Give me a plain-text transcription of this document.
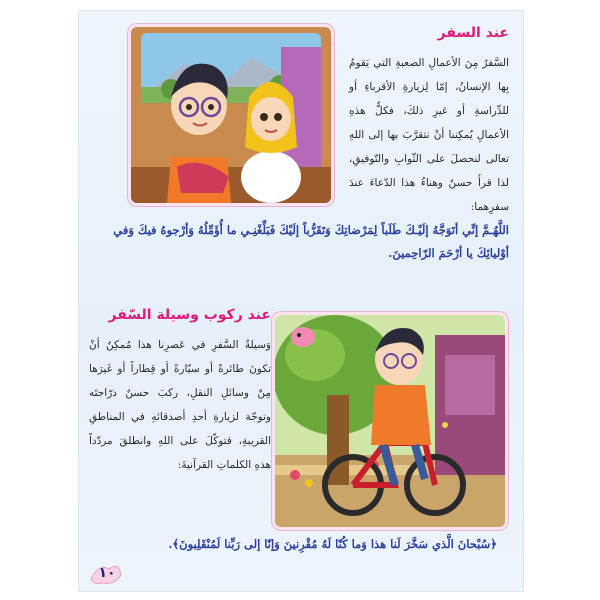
عند السفر

السَّفرُ مِنَ الأعمالِ الصعبةِ التي يَقومُ بِها الإنسانُ، إمّا لِزيارةِ الأقرباءِ أو للدِّراسةِ أو غيرِ ذلكَ، فكلُّ هذهِ الأعمالِ يُمكِننا أنْ نتقرَّبَ بها إلى اللهِ تعالى لنحصلَ على الثّوابِ والتّوفيقِ، لذا قرأَ حسنٌ وهناءُ هذا الدّعاءَ عندَ سفرِهما:

اللَّهُـمَّ إنِّي أتَوَجَّهُ إلَيْـكَ طَلَباً لِمَرْضاتِكَ وَتَقَرُّباً إلَيْكَ فَبَلِّغْنِـي ما أُؤَمِّلُهُ وَأرْجوهُ فيكَ وَفي أوْليائِكَ يا أرْحَمَ الرّاحِمينَ.

عند ركوب وسيلة السّفر

وَسيلةُ السَّفرِ في عَصرِنا هذا مُمكِنٌ أنْ تكونَ طائرةً أو سيّارةً أو قِطاراً أو غَيرَها مِنْ وسائلِ النقلِ، ركبَ حسنٌ درّاجتَه وتوجّهَ لزيارةِ أحدِ أصدقائهِ في المناطقِ القريبةِ، فتوكّلَ على اللهِ وانطلقَ مردّداً هذهِ الكلماتِ القرآنيةَ:

﴿سُبْحانَ الَّذي سَخَّرَ لَنا هذا وَما كُنّا لَهُ مُقْرِنينَ وَإنّا إلى رَبِّنا لَمُنْقَلِبونَ﴾.

١٠
